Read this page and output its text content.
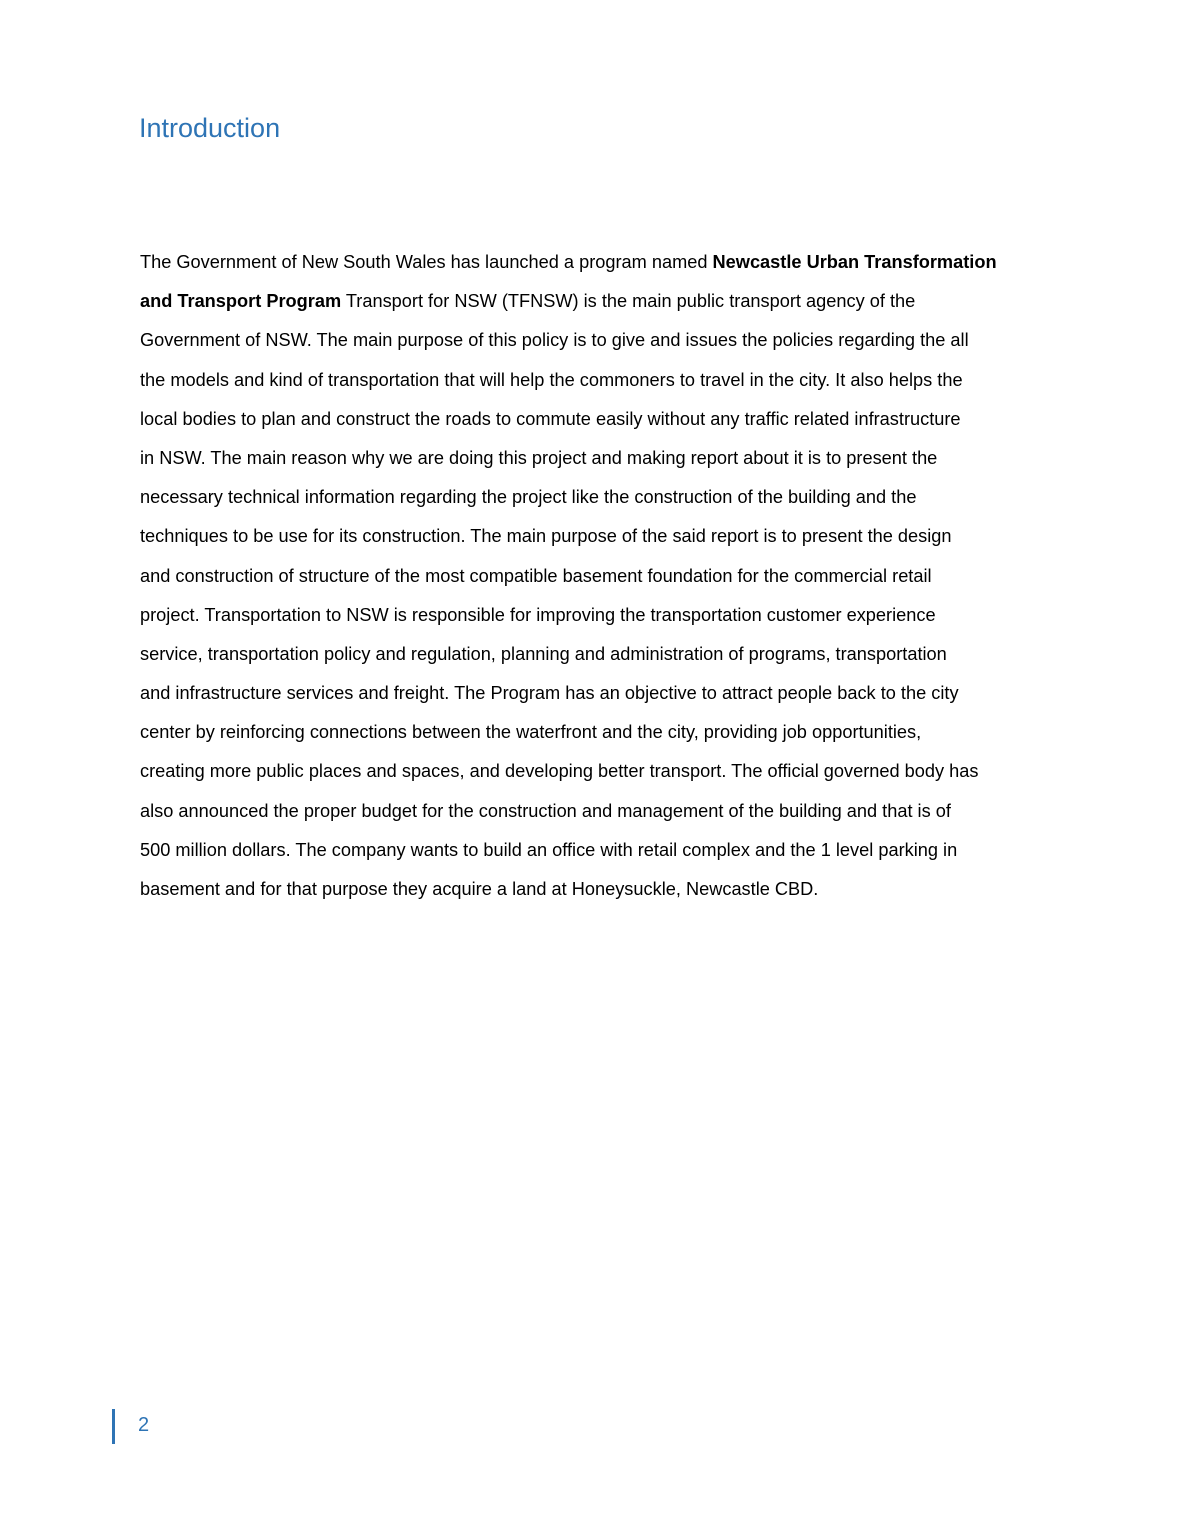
Introduction

The Government of New South Wales has launched a program named Newcastle Urban Transformation
and Transport Program Transport for NSW (TFNSW) is the main public transport agency of the
Government of NSW. The main purpose of this policy is to give and issues the policies regarding the all
the models and kind of transportation that will help the commoners to travel in the city. It also helps the
local bodies to plan and construct the roads to commute easily without any traffic related infrastructure
in NSW. The main reason why we are doing this project and making report about it is to present the
necessary technical information regarding the project like the construction of the building and the
techniques to be use for its construction. The main purpose of the said report is to present the design
and construction of structure of the most compatible basement foundation for the commercial retail
project. Transportation to NSW is responsible for improving the transportation customer experience
service, transportation policy and regulation, planning and administration of programs, transportation
and infrastructure services and freight. The Program has an objective to attract people back to the city
center by reinforcing connections between the waterfront and the city, providing job opportunities,
creating more public places and spaces, and developing better transport. The official governed body has
also announced the proper budget for the construction and management of the building and that is of
500 million dollars. The company wants to build an office with retail complex and the 1 level parking in
basement and for that purpose they acquire a land at Honeysuckle, Newcastle CBD.

2
